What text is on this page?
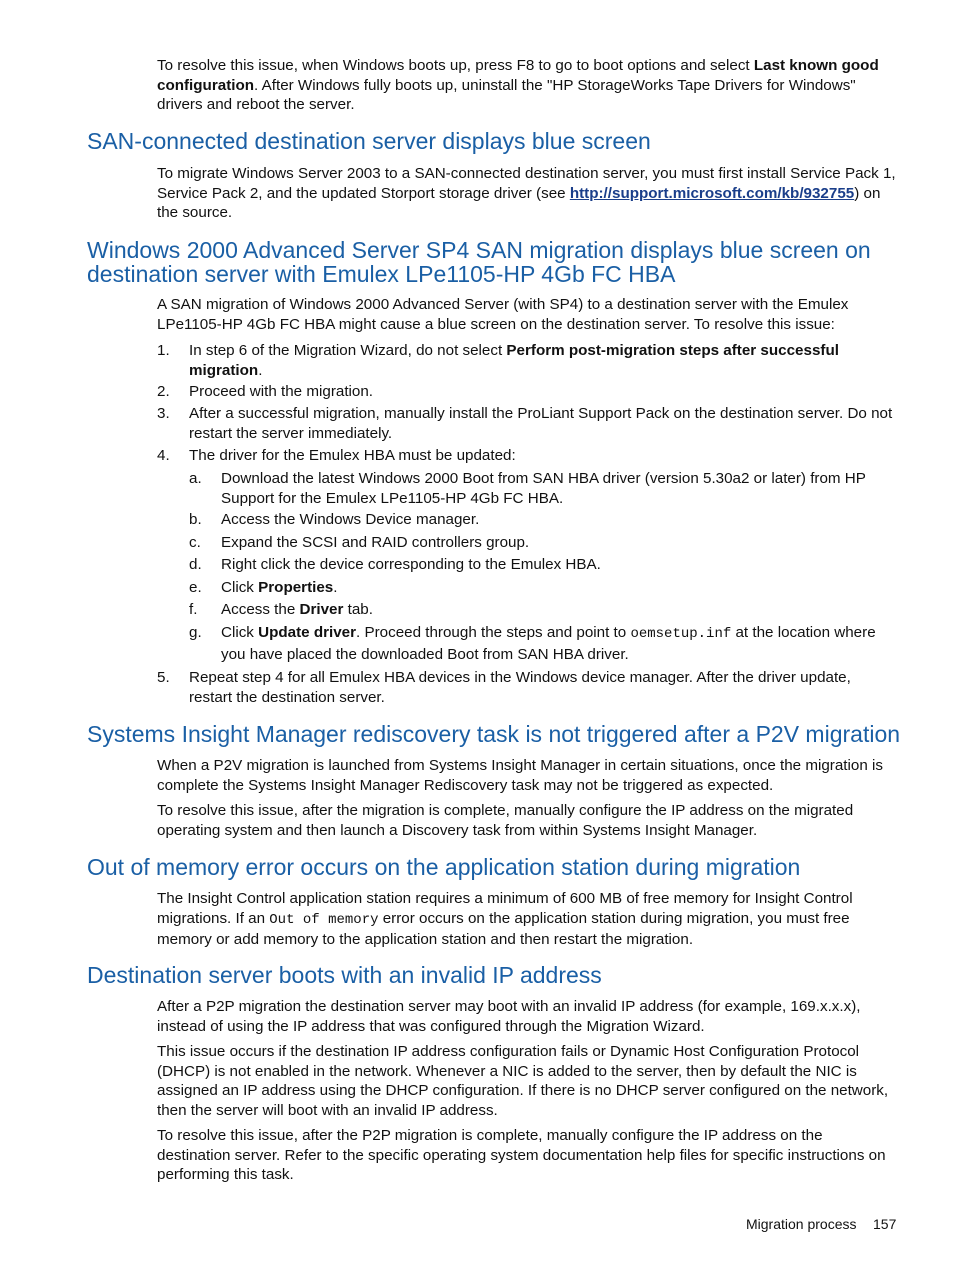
To resolve this issue, when Windows boots up, press F8 to go to boot options and select Last known good configuration. After Windows fully boots up, uninstall the "HP StorageWorks Tape Drivers for Windows" drivers and reboot the server.

SAN-connected destination server displays blue screen

To migrate Windows Server 2003 to a SAN-connected destination server, you must first install Service Pack 1, Service Pack 2, and the updated Storport storage driver (see http://support.microsoft.com/kb/932755) on the source.

Windows 2000 Advanced Server SP4 SAN migration displays blue screen on destination server with Emulex LPe1105-HP 4Gb FC HBA

A SAN migration of Windows 2000 Advanced Server (with SP4) to a destination server with the Emulex LPe1105-HP 4Gb FC HBA might cause a blue screen on the destination server. To resolve this issue:

1. In step 6 of the Migration Wizard, do not select Perform post-migration steps after successful migration.

2. Proceed with the migration.

3. After a successful migration, manually install the ProLiant Support Pack on the destination server. Do not restart the server immediately.

4. The driver for the Emulex HBA must be updated:

a. Download the latest Windows 2000 Boot from SAN HBA driver (version 5.30a2 or later) from HP Support for the Emulex LPe1105-HP 4Gb FC HBA.

b. Access the Windows Device manager.

c. Expand the SCSI and RAID controllers group.

d. Right click the device corresponding to the Emulex HBA.

e. Click Properties.

f. Access the Driver tab.

g. Click Update driver. Proceed through the steps and point to oemsetup.inf at the location where you have placed the downloaded Boot from SAN HBA driver.

5. Repeat step 4 for all Emulex HBA devices in the Windows device manager. After the driver update, restart the destination server.

Systems Insight Manager rediscovery task is not triggered after a P2V migration

When a P2V migration is launched from Systems Insight Manager in certain situations, once the migration is complete the Systems Insight Manager Rediscovery task may not be triggered as expected.

To resolve this issue, after the migration is complete, manually configure the IP address on the migrated operating system and then launch a Discovery task from within Systems Insight Manager.

Out of memory error occurs on the application station during migration

The Insight Control application station requires a minimum of 600 MB of free memory for Insight Control migrations. If an Out of memory error occurs on the application station during migration, you must free memory or add memory to the application station and then restart the migration.

Destination server boots with an invalid IP address

After a P2P migration the destination server may boot with an invalid IP address (for example, 169.x.x.x), instead of using the IP address that was configured through the Migration Wizard.

This issue occurs if the destination IP address configuration fails or Dynamic Host Configuration Protocol (DHCP) is not enabled in the network. Whenever a NIC is added to the server, then by default the NIC is assigned an IP address using the DHCP configuration. If there is no DHCP server configured on the network, then the server will boot with an invalid IP address.

To resolve this issue, after the P2P migration is complete, manually configure the IP address on the destination server. Refer to the specific operating system documentation help files for specific instructions on performing this task.

Migration process 157
